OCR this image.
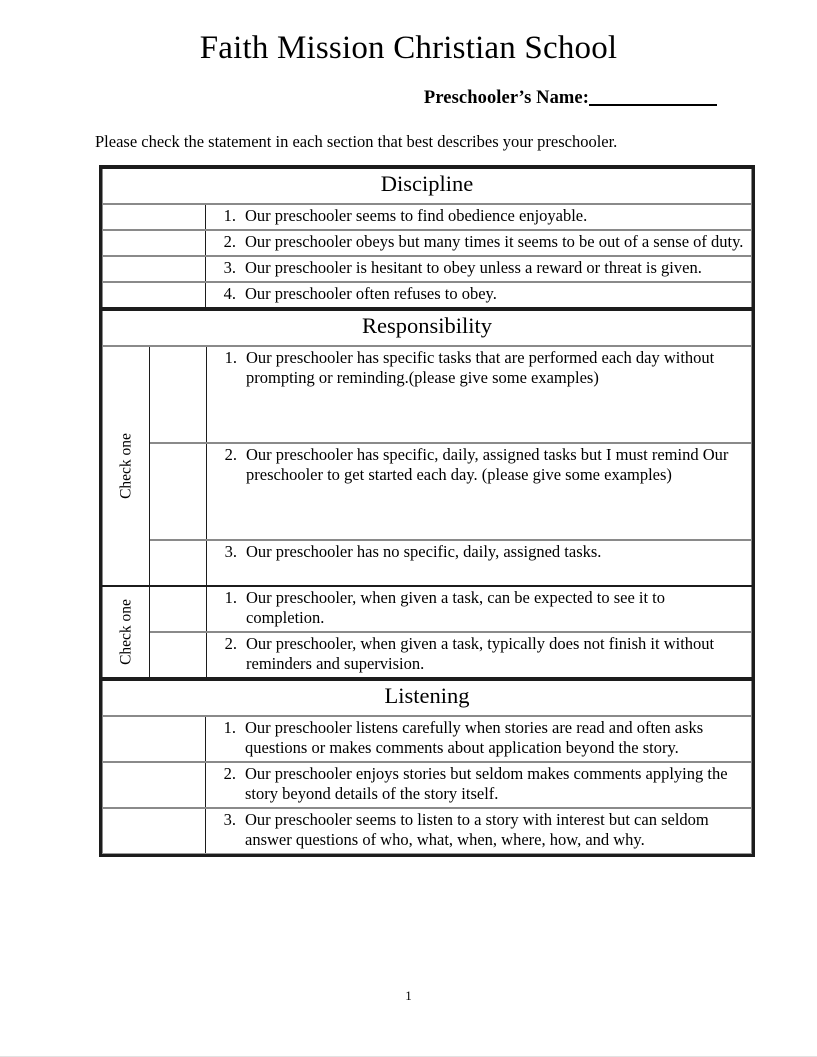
Faith Mission Christian School
Preschooler’s Name:

Please check the statement in each section that best describes your preschooler.

Discipline
1. Our preschooler seems to find obedience enjoyable.
2. Our preschooler obeys but many times it seems to be out of a sense of duty.
3. Our preschooler is hesitant to obey unless a reward or threat is given.
4. Our preschooler often refuses to obey.
Responsibility
Check one
1. Our preschooler has specific tasks that are performed each day without prompting or reminding.(please give some examples)
2. Our preschooler has specific, daily, assigned tasks but I must remind Our preschooler to get started each day. (please give some examples)
3. Our preschooler has no specific, daily, assigned tasks.
Check one
1. Our preschooler, when given a task, can be expected to see it to completion.
2. Our preschooler, when given a task, typically does not finish it without reminders and supervision.
Listening
1. Our preschooler listens carefully when stories are read and often asks questions or makes comments about application beyond the story.
2. Our preschooler enjoys stories but seldom makes comments applying the story beyond details of the story itself.
3. Our preschooler seems to listen to a story with interest but can seldom answer questions of who, what, when, where, how, and why.
1
